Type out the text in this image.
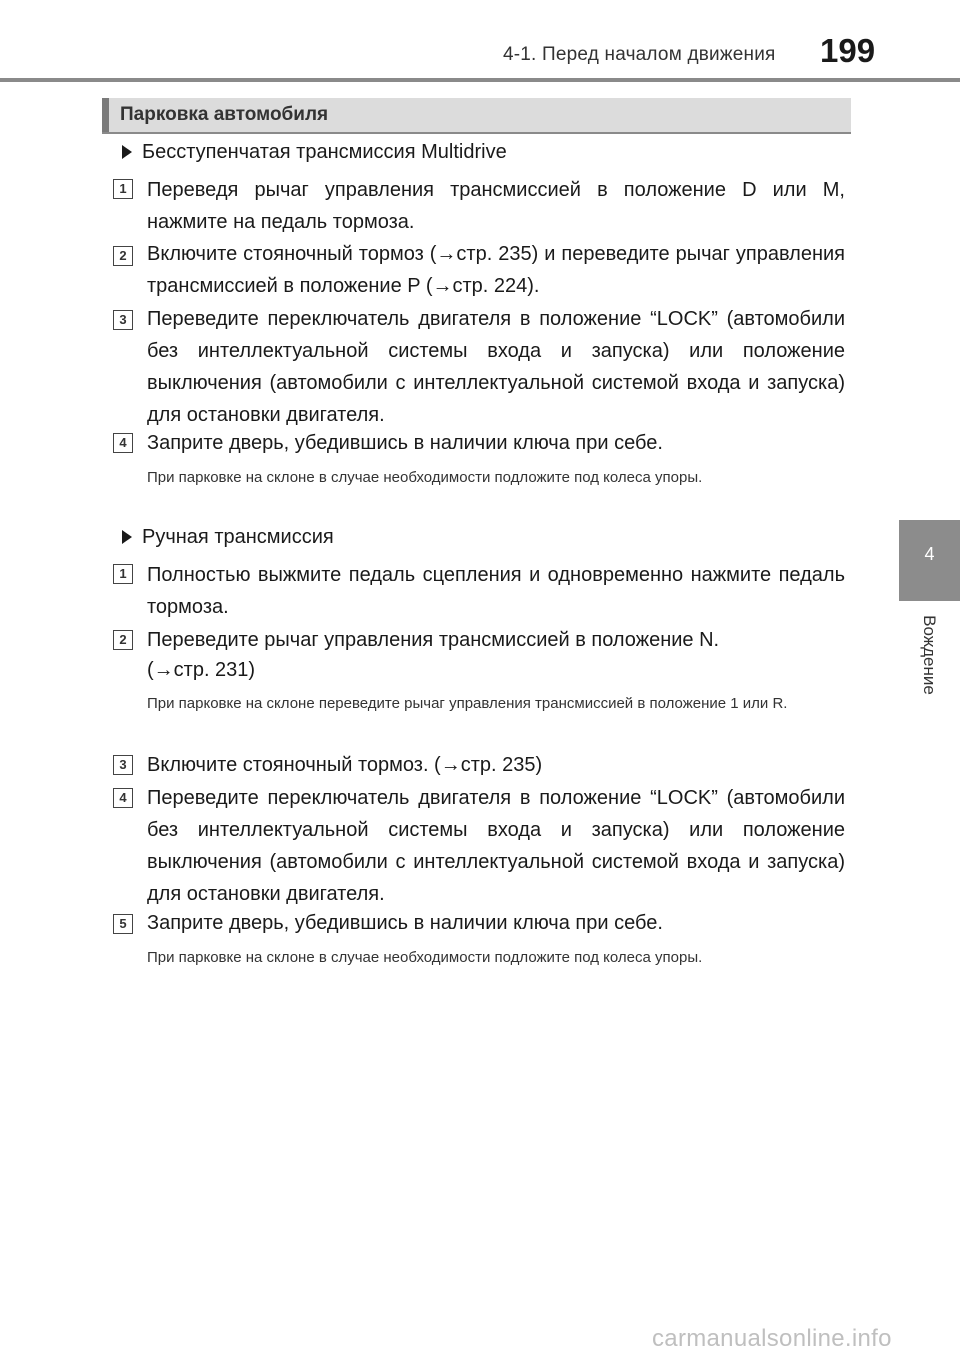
4-1. Перед началом движения 199
4
Вождение
Парковка автомобиля
Бесступенчатая трансмиссия Multidrive
1	Переведя рычаг управления трансмиссией в положение D или M, нажмите на педаль тормоза.
2	Включите стояночный тормоз (→стр. 235) и переведите рычаг управления трансмиссией в положение P (→стр. 224).
3	Переведите переключатель двигателя в положение “LOCK” (автомобили без интеллектуальной системы входа и запуска) или положение выключения (автомобили с интеллектуальной системой входа и запуска) для остановки двигателя.
4	Заприте дверь, убедившись в наличии ключа при себе.
При парковке на склоне в случае необходимости подложите под колеса упоры.
Ручная трансмиссия
1	Полностью выжмите педаль сцепления и одновременно нажмите педаль тормоза.
2	Переведите рычаг управления трансмиссией в положение N.
(→стр. 231)
При парковке на склоне переведите рычаг управления трансмиссией в положение 1 или R.
3	Включите стояночный тормоз. (→стр. 235)
4	Переведите переключатель двигателя в положение “LOCK” (автомобили без интеллектуальной системы входа и запуска) или положение выключения (автомобили с интеллектуальной системой входа и запуска) для остановки двигателя.
5	Заприте дверь, убедившись в наличии ключа при себе.
При парковке на склоне в случае необходимости подложите под колеса упоры.
carmanualsonline.info
